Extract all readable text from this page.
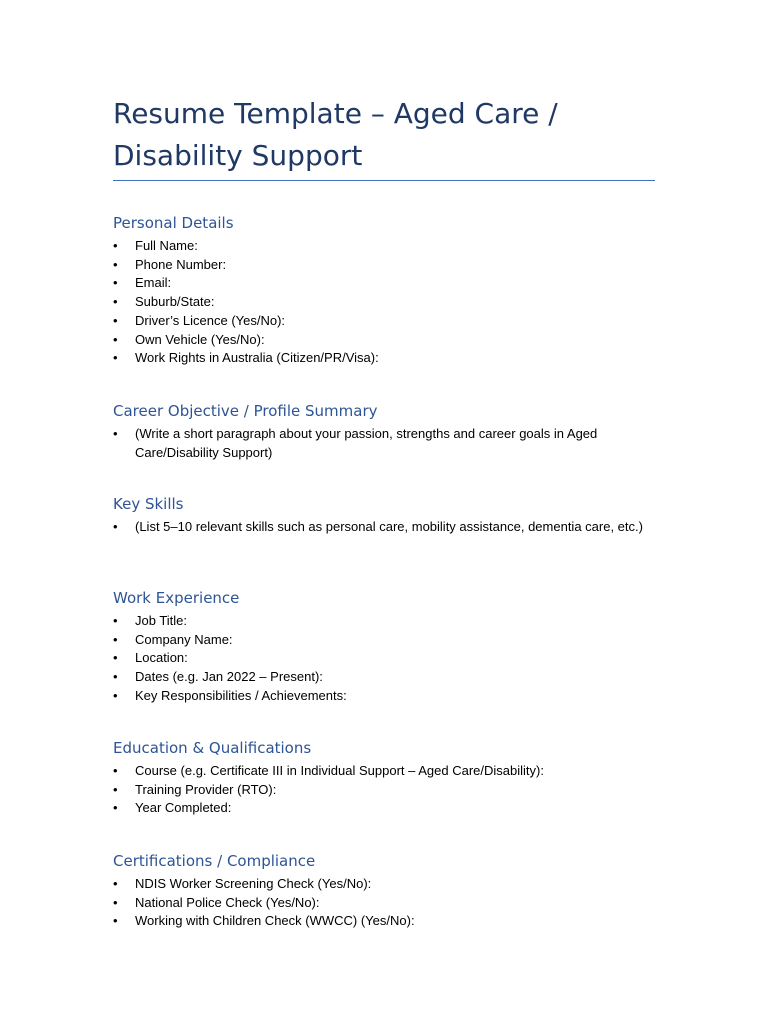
Resume Template – Aged Care /
Disability Support
Personal Details
•	Full Name:
•	Phone Number:
•	Email:
•	Suburb/State:
•	Driver’s Licence (Yes/No):
•	Own Vehicle (Yes/No):
•	Work Rights in Australia (Citizen/PR/Visa):
Career Objective / Profile Summary
•	(Write a short paragraph about your passion, strengths and career goals in Aged Care/Disability Support)
Key Skills
•	(List 5–10 relevant skills such as personal care, mobility assistance, dementia care, etc.)
Work Experience
•	Job Title:
•	Company Name:
•	Location:
•	Dates (e.g. Jan 2022 – Present):
•	Key Responsibilities / Achievements:
Education & Qualifications
•	Course (e.g. Certificate III in Individual Support – Aged Care/Disability):
•	Training Provider (RTO):
•	Year Completed:
Certifications / Compliance
•	NDIS Worker Screening Check (Yes/No):
•	National Police Check (Yes/No):
•	Working with Children Check (WWCC) (Yes/No):
